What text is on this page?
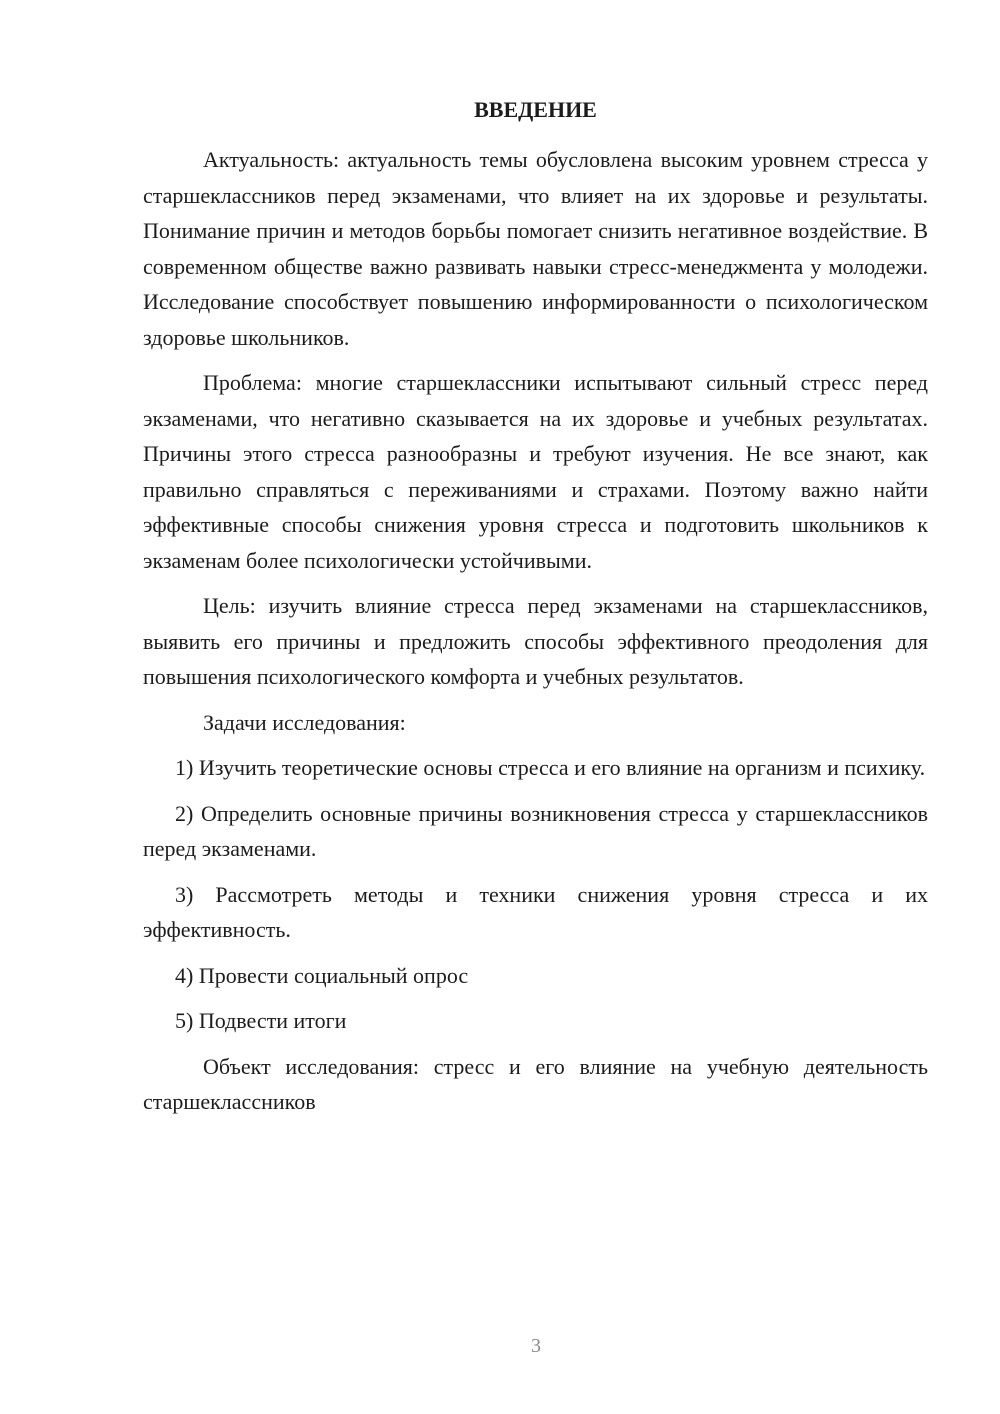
ВВЕДЕНИЕ

Актуальность: актуальность темы обусловлена высоким уровнем стресса у старшеклассников перед экзаменами, что влияет на их здоровье и результаты. Понимание причин и методов борьбы помогает снизить негативное воздействие. В современном обществе важно развивать навыки стресс-менеджмента у молодежи. Исследование способствует повышению информированности о психологическом здоровье школьников.

Проблема: многие старшеклассники испытывают сильный стресс перед экзаменами, что негативно сказывается на их здоровье и учебных результатах. Причины этого стресса разнообразны и требуют изучения. Не все знают, как правильно справляться с переживаниями и страхами. Поэтому важно найти эффективные способы снижения уровня стресса и подготовить школьников к экзаменам более психологически устойчивыми.

Цель: изучить влияние стресса перед экзаменами на старшеклассников, выявить его причины и предложить способы эффективного преодоления для повышения психологического комфорта и учебных результатов.

Задачи исследования:

1) Изучить теоретические основы стресса и его влияние на организм и психику.

2) Определить основные причины возникновения стресса у старшеклассников перед экзаменами.

3) Рассмотреть методы и техники снижения уровня стресса и их эффективность.

4) Провести социальный опрос

5) Подвести итоги

Объект исследования: стресс и его влияние на учебную деятельность старшеклассников

3
